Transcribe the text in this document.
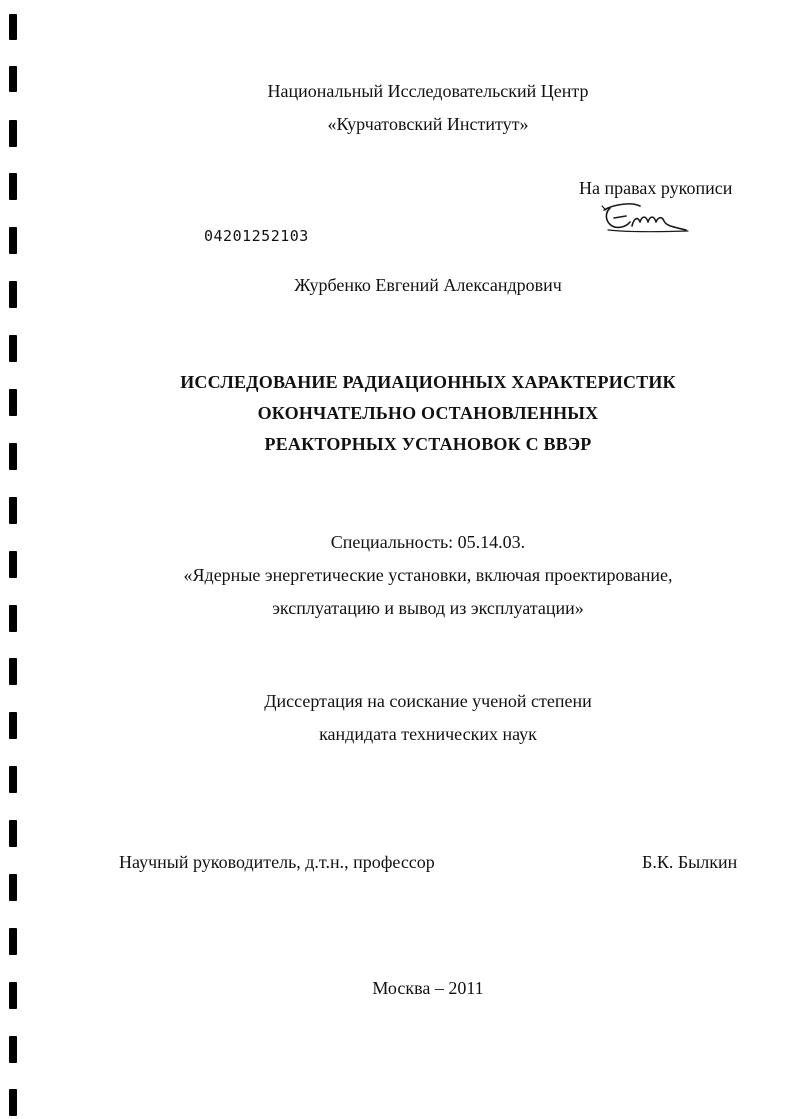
Национальный Исследовательский Центр
«Курчатовский Институт»
На правах рукописи
04201252103
Журбенко Евгений Александрович
ИССЛЕДОВАНИЕ РАДИАЦИОННЫХ ХАРАКТЕРИСТИК
ОКОНЧАТЕЛЬНО ОСТАНОВЛЕННЫХ
РЕАКТОРНЫХ УСТАНОВОК С ВВЭР
Специальность: 05.14.03.
«Ядерные энергетические установки, включая проектирование,
эксплуатацию и вывод из эксплуатации»
Диссертация на соискание ученой степени
кандидата технических наук
Научный руководитель, д.т.н., профессор	Б.К. Былкин
Москва – 2011
